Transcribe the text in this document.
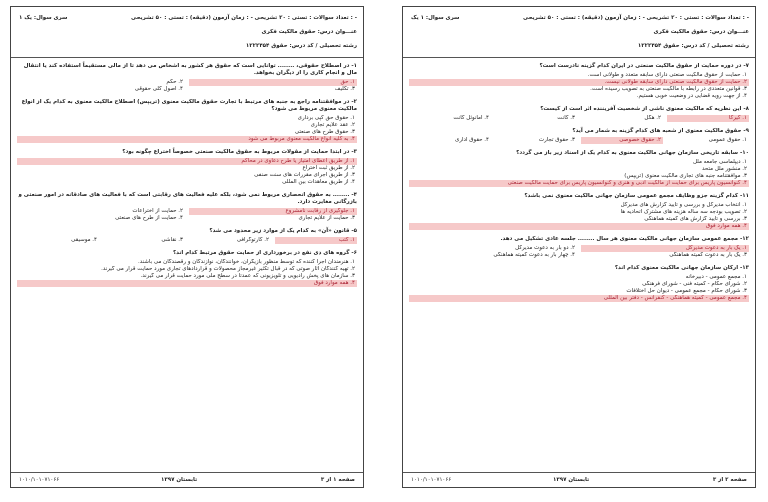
سری سوال: یک ۱	زمان آزمون (دقیقه) : تستی : ۵۰ تشریحی : - تعداد سوالات : تستی : ۲۰ تشریحی : -
عنـــوان درس: حقوق مالکیت فکری
رشته تحصیلی / کد درس: حقوق ۱۲۲۲۴۵۴
۱- در اصطلاح حقوقی، ........ توانایی است که حقوق هر کشور به اشخاص می دهد تا از مالی مستقیماً استفاده کند یا انتقال مال و انجام کاری را از دیگران بخواهد.
۱. حق
۲. حکم
۳. تکلیف
۴. اصول کلی حقوقی
۲- در موافقتنامه راجع به جنبه های مرتبط با تجارت حقوق مالکیت معنوی (تریپس) اصطلاح مالکیت معنوی به کدام یک از انواع مالکیت معنوی مربوط می شود؟
۱. حقوق حق کپی برداری
۲. عقد علایم تجاری
۳. حقوق طرح های صنعتی
۴. به کلیه انواع مالکیت معنوی مربوط می شود
۳- در ابتدا حمایت از مقولات مربوط به حقوق مالکیت صنعتی خصوصاً اختراع چگونه بود؟
۱. از طریق اعطای امتیاز یا طرح دعاوی در محاکم
۲. از طریق ثبت اختراع
۳. از طریق اجرای مقررات های سنت صنفی
۴. از طریق معاهدات بین المللی
۴- ........ به حقوق انحصاری مربوط نمی شود، بلکه علیه فعالیت های رقابتی است که با فعالیت های صادقانه در امور صنعتی و بازرگانی مغایرت دارد.
۱. جلوگیری از رقابت نامشروع
۲. حمایت از اختراعات
۳. حمایت از علایم تجاری
۴. حمایت از طرح های صنعتی
۵- قانون «آن» به کدام یک از موارد زیر محدود می شد؟
۱. کتب
۲. کارتوگرافی
۳. نقاشی
۴. موسیقی
۶- گروه های ذی نفع در برخورداری از حمایت حقوق مرتبط کدام اند؟
۱. هنرمندان اجرا کننده که توسط منظور بازیگران، خوانندگان، نوازندگان و رقصندگان می باشند.
۲. تهیه کنندگان آثار صوتی که در قبال تکثیر غیرمجاز محصولات و قراردادهای تجاری مورد حمایت قرار می گیرند.
۳. سازمان های پخش رادیویی و تلویزیونی که عمدتاً در سطح ملی مورد حمایت قرار می گیرند.
۴. همه موارد فوق
صفحه ۱ از ۳
تابستان ۱۳۹۷
۱۰۱۰/۱۰۱۰۷۱۰۶۶
سری سوال: ۱ یک	زمان آزمون (دقیقه) : تستی : ۵۰ تشریحی : - تعداد سوالات : تستی : ۲۰ تشریحی : -
عنـــوان درس: حقوق مالکیت فکری
رشته تحصیلی / کد درس: حقوق ۱۲۲۲۴۵۴
۷- در دوره حمایت از حقوق مالکیت صنعتی در ایران کدام گزینه نادرست است؟
۱. حمایت از حقوق مالکیت صنعتی دارای سابقه متعدد و طولانی است.
۲. حمایت از حقوق مالکیت صنعتی دارای سابقه طولانی نیست.
۳. قوانین متعددی در رابطه با مالکیت صنعتی به تصویب رسیده است.
۴. از جهت رویه قضایی در وضعیت خوبی هستیم.
۸- این نظریه که مالکیت معنوی ناشی از شخصیت آفریننده اثر است از کیست؟
۱. کیرکا
۲. هگل
۳. کانت
۴. امانوئل کانت
۹- حقوق مالکیت معنوی از شعبه های کدام گزینه به شمار می آید؟
۱. حقوق عمومی
۲. حقوق خصوصی
۳. حقوق تجارت
۴. حقوق اداری
۱۰- سابقه تاریخی سازمان جهانی مالکیت معنوی به کدام یک از اسناد زیر باز می گردد؟
۱. دیپلماسی جامعه ملل
۲. منشور ملل متحد
۳. موافقتنامه جنبه های تجاری مالکیت معنوی (تریپس)
۴. کنوانسیون پاریس برای حمایت از مالکیت ادبی و هنری و کنوانسیون پاریس برای حمایت مالکیت صنعتی
۱۱- کدام گزینه جزو وظایف مجمع عمومی سازمان جهانی مالکیت معنوی نمی باشد؟
۱. انتخاب مدیرکل و بررسی و تأیید گزارش های مدیرکل
۲. تصویب بودجه سه ساله هزینه های مشترک اتحادیه ها
۳. بررسی و تأیید گزارش های کمیته هماهنگی
۴. همه موارد فوق
۱۲- مجمع عمومی سازمان جهانی مالکیت معنوی هر سال ........ جلسه عادی تشکیل می دهد.
۱. یک بار به دعوت مدیرکل
۲. دو بار به دعوت مدیرکل
۳. یک بار به دعوت کمیته هماهنگی
۴. چهار بار به دعوت کمیته هماهنگی
۱۳- ارکان سازمان جهانی مالکیت معنوی کدام اند؟
۱. مجمع عمومی - دبیرخانه
۲. شورای حکام - کمیته فنی - شورای فرهنگی
۳. شورای حکام - مجمع عمومی - دیوان حل اختلافات
۴. مجمع عمومی - کمیته هماهنگی - کنفرانس - دفتر بین المللی
صفحه ۲ از ۳
تابستان ۱۳۹۷
۱۰۱۰/۱۰۱۰۷۱۰۶۶
